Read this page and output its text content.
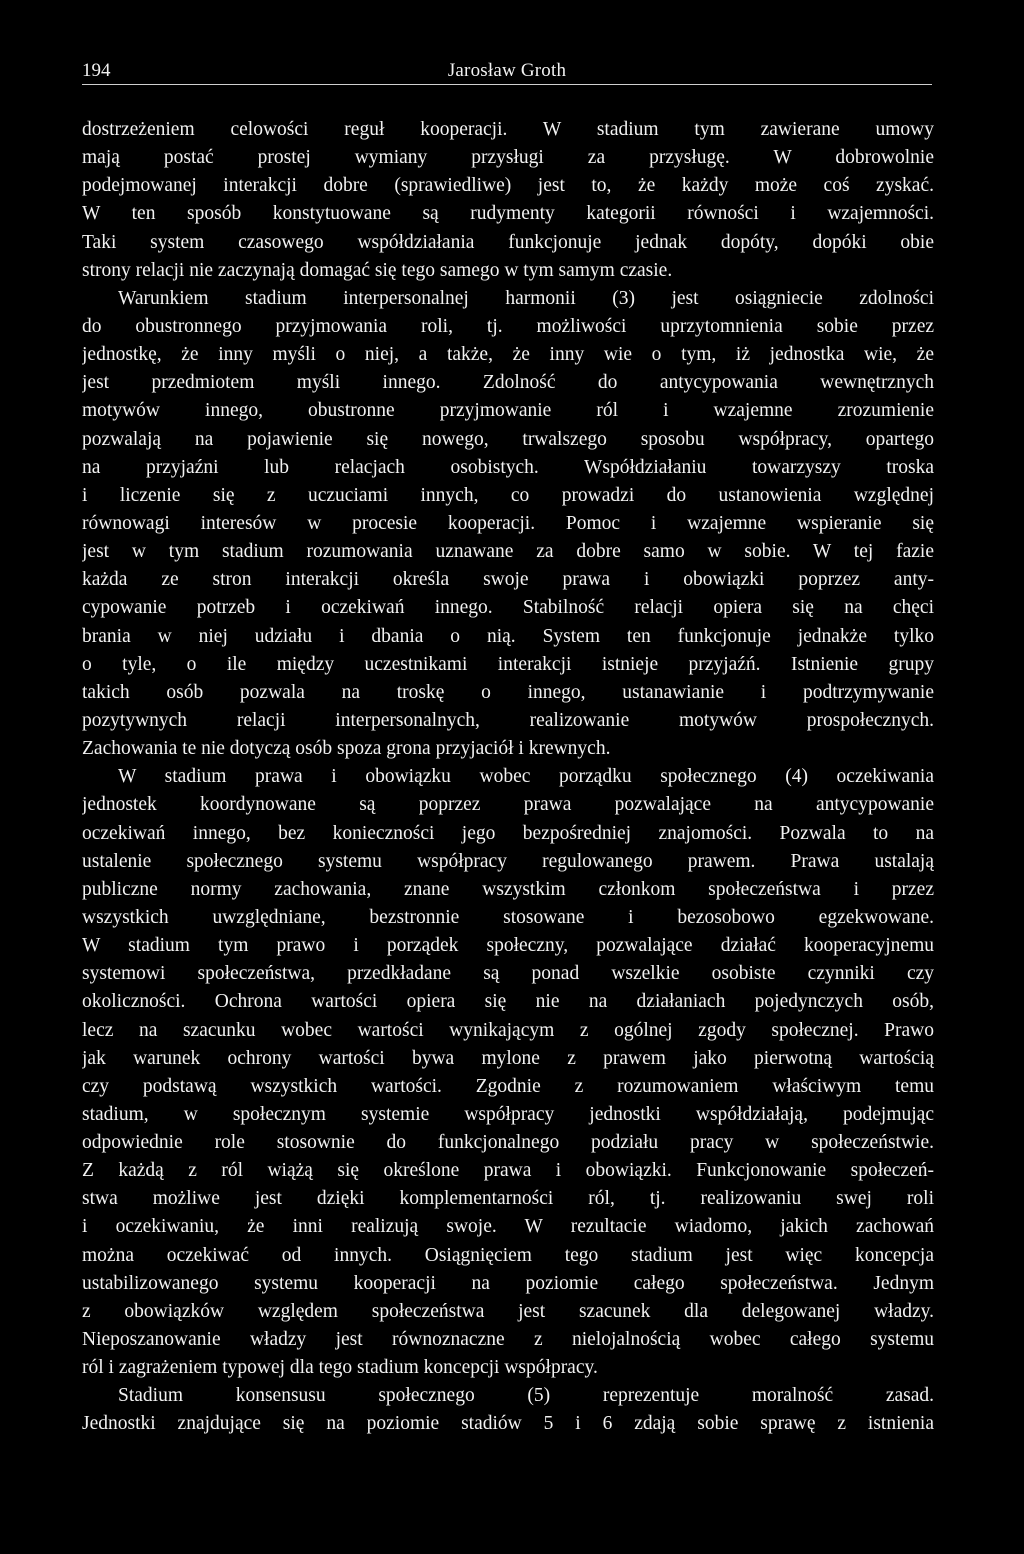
194	Jarosław Groth
dostrzeżeniem celowości reguł kooperacji. W stadium tym zawierane umowy
mają postać prostej wymiany przysługi za przysługę. W dobrowolnie
podejmowanej interakcji dobre (sprawiedliwe) jest to, że każdy może coś zyskać.
W ten sposób konstytuowane są rudymenty kategorii równości i wzajemności.
Taki system czasowego współdziałania funkcjonuje jednak dopóty, dopóki obie
strony relacji nie zaczynają domagać się tego samego w tym samym czasie.
Warunkiem stadium interpersonalnej harmonii (3) jest osiągniecie zdolności
do obustronnego przyjmowania roli, tj. możliwości uprzytomnienia sobie przez
jednostkę, że inny myśli o niej, a także, że inny wie o tym, iż jednostka wie, że
jest przedmiotem myśli innego. Zdolność do antycypowania wewnętrznych
motywów innego, obustronne przyjmowanie ról i wzajemne zrozumienie
pozwalają na pojawienie się nowego, trwalszego sposobu współpracy, opartego
na przyjaźni lub relacjach osobistych. Współdziałaniu towarzyszy troska
i liczenie się z uczuciami innych, co prowadzi do ustanowienia względnej
równowagi interesów w procesie kooperacji. Pomoc i wzajemne wspieranie się
jest w tym stadium rozumowania uznawane za dobre samo w sobie. W tej fazie
każda ze stron interakcji określa swoje prawa i obowiązki poprzez anty-
cypowanie potrzeb i oczekiwań innego. Stabilność relacji opiera się na chęci
brania w niej udziału i dbania o nią. System ten funkcjonuje jednakże tylko
o tyle, o ile między uczestnikami interakcji istnieje przyjaźń. Istnienie grupy
takich osób pozwala na troskę o innego, ustanawianie i podtrzymywanie
pozytywnych relacji interpersonalnych, realizowanie motywów prospołecznych.
Zachowania te nie dotyczą osób spoza grona przyjaciół i krewnych.
W stadium prawa i obowiązku wobec porządku społecznego (4) oczekiwania
jednostek koordynowane są poprzez prawa pozwalające na antycypowanie
oczekiwań innego, bez konieczności jego bezpośredniej znajomości. Pozwala to na
ustalenie społecznego systemu współpracy regulowanego prawem. Prawa ustalają
publiczne normy zachowania, znane wszystkim członkom społeczeństwa i przez
wszystkich uwzględniane, bezstronnie stosowane i bezosobowo egzekwowane.
W stadium tym prawo i porządek społeczny, pozwalające działać kooperacyjnemu
systemowi społeczeństwa, przedkładane są ponad wszelkie osobiste czynniki czy
okoliczności. Ochrona wartości opiera się nie na działaniach pojedynczych osób,
lecz na szacunku wobec wartości wynikającym z ogólnej zgody społecznej. Prawo
jak warunek ochrony wartości bywa mylone z prawem jako pierwotną wartością
czy podstawą wszystkich wartości. Zgodnie z rozumowaniem właściwym temu
stadium, w społecznym systemie współpracy jednostki współdziałają, podejmując
odpowiednie role stosownie do funkcjonalnego podziału pracy w społeczeństwie.
Z każdą z ról wiążą się określone prawa i obowiązki. Funkcjonowanie społeczeń-
stwa możliwe jest dzięki komplementarności ról, tj. realizowaniu swej roli
i oczekiwaniu, że inni realizują swoje. W rezultacie wiadomo, jakich zachowań
można oczekiwać od innych. Osiągnięciem tego stadium jest więc koncepcja
ustabilizowanego systemu kooperacji na poziomie całego społeczeństwa. Jednym
z obowiązków względem społeczeństwa jest szacunek dla delegowanej władzy.
Nieposzanowanie władzy jest równoznaczne z nielojalnością wobec całego systemu
ról i zagrażeniem typowej dla tego stadium koncepcji współpracy.
Stadium konsensusu społecznego (5) reprezentuje moralność zasad.
Jednostki znajdujące się na poziomie stadiów 5 i 6 zdają sobie sprawę z istnienia
